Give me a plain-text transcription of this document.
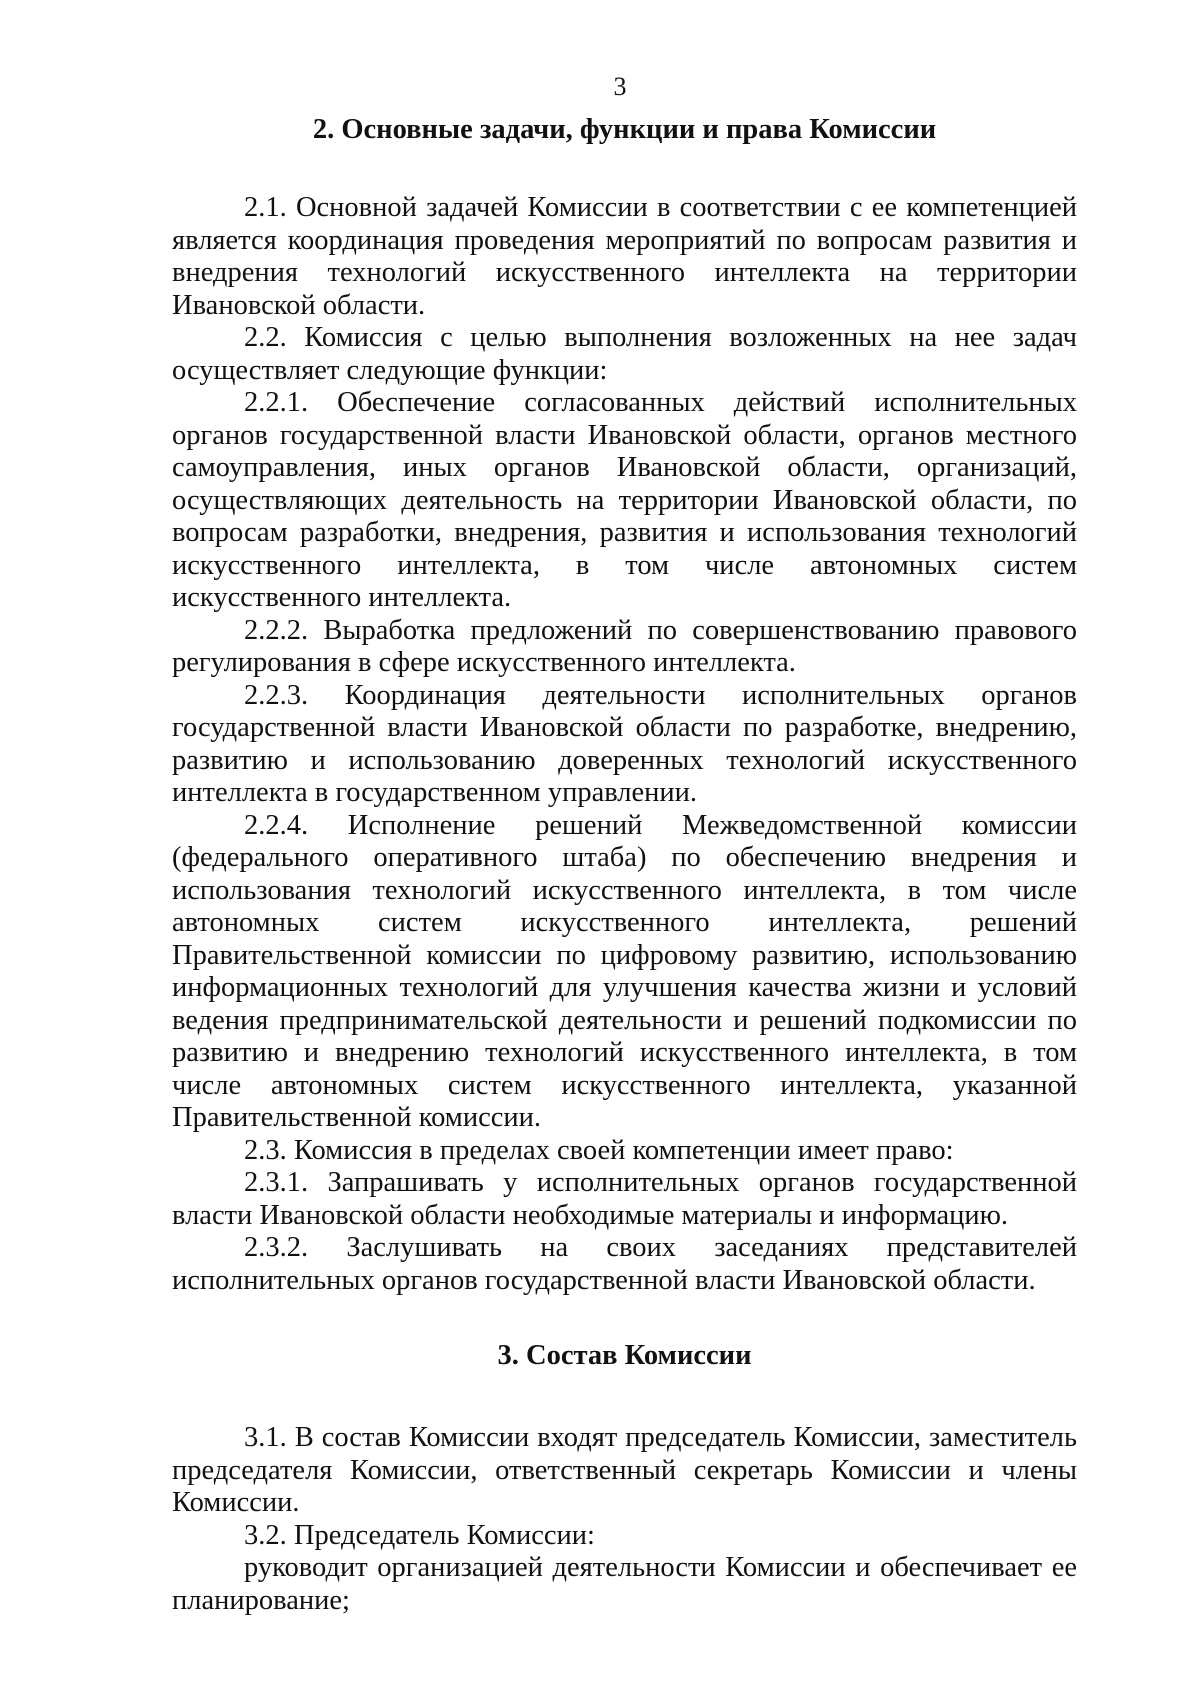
3
2. Основные задачи, функции и права Комиссии

2.1. Основной задачей Комиссии в соответствии с ее компетенцией является координация проведения мероприятий по вопросам развития и внедрения технологий искусственного интеллекта на территории Ивановской области.

2.2. Комиссия с целью выполнения возложенных на нее задач осуществляет следующие функции:

2.2.1. Обеспечение согласованных действий исполнительных органов государственной власти Ивановской области, органов местного самоуправления, иных органов Ивановской области, организаций, осуществляющих деятельность на территории Ивановской области, по вопросам разработки, внедрения, развития и использования технологий искусственного интеллекта, в том числе автономных систем искусственного интеллекта.

2.2.2. Выработка предложений по совершенствованию правового регулирования в сфере искусственного интеллекта.

2.2.3. Координация деятельности исполнительных органов государственной власти Ивановской области по разработке, внедрению, развитию и использованию доверенных технологий искусственного интеллекта в государственном управлении.

2.2.4. Исполнение решений Межведомственной комиссии (федерального оперативного штаба) по обеспечению внедрения и использования технологий искусственного интеллекта, в том числе автономных систем искусственного интеллекта, решений Правительственной комиссии по цифровому развитию, использованию информационных технологий для улучшения качества жизни и условий ведения предпринимательской деятельности и решений подкомиссии по развитию и внедрению технологий искусственного интеллекта, в том числе автономных систем искусственного интеллекта, указанной Правительственной комиссии.

2.3. Комиссия в пределах своей компетенции имеет право:

2.3.1. Запрашивать у исполнительных органов государственной власти Ивановской области необходимые материалы и информацию.

2.3.2. Заслушивать на своих заседаниях представителей исполнительных органов государственной власти Ивановской области.

3. Состав Комиссии

3.1. В состав Комиссии входят председатель Комиссии, заместитель председателя Комиссии, ответственный секретарь Комиссии и члены Комиссии.

3.2. Председатель Комиссии:

руководит организацией деятельности Комиссии и обеспечивает ее планирование;
